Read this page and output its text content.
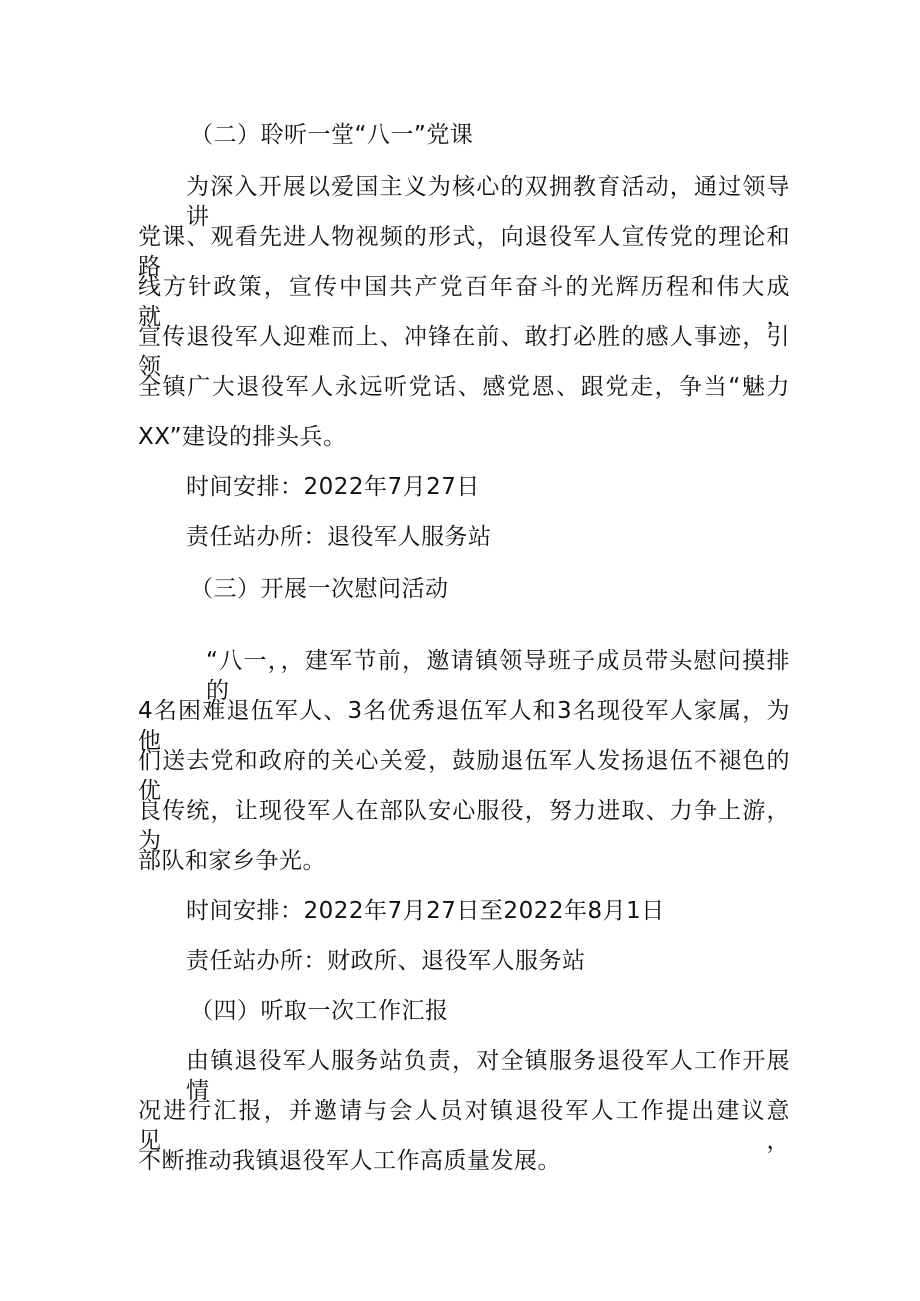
（二）聆听一堂“八一”党课
为深入开展以爱国主义为核心的双拥教育活动，通过领导讲
党课、观看先进人物视频的形式，向退役军人宣传党的理论和路
线方针政策，宣传中国共产党百年奋斗的光辉历程和伟大成就，
宣传退役军人迎难而上、冲锋在前、敢打必胜的感人事迹，引领
全镇广大退役军人永远听党话、感党恩、跟党走，争当“魅力
XX”建设的排头兵。
时间安排：2022年7月27日
责任站办所：退役军人服务站
（三）开展一次慰问活动
“八一，，建军节前，邀请镇领导班子成员带头慰问摸排的
4名困难退伍军人、3名优秀退伍军人和3名现役军人家属，为他
们送去党和政府的关心关爱，鼓励退伍军人发扬退伍不褪色的优
良传统，让现役军人在部队安心服役，努力进取、力争上游，为
部队和家乡争光。
时间安排：2022年7月27日至2022年8月1日
责任站办所：财政所、退役军人服务站
（四）听取一次工作汇报
由镇退役军人服务站负责，对全镇服务退役军人工作开展情
况进行汇报，并邀请与会人员对镇退役军人工作提出建议意见，
不断推动我镇退役军人工作高质量发展。
